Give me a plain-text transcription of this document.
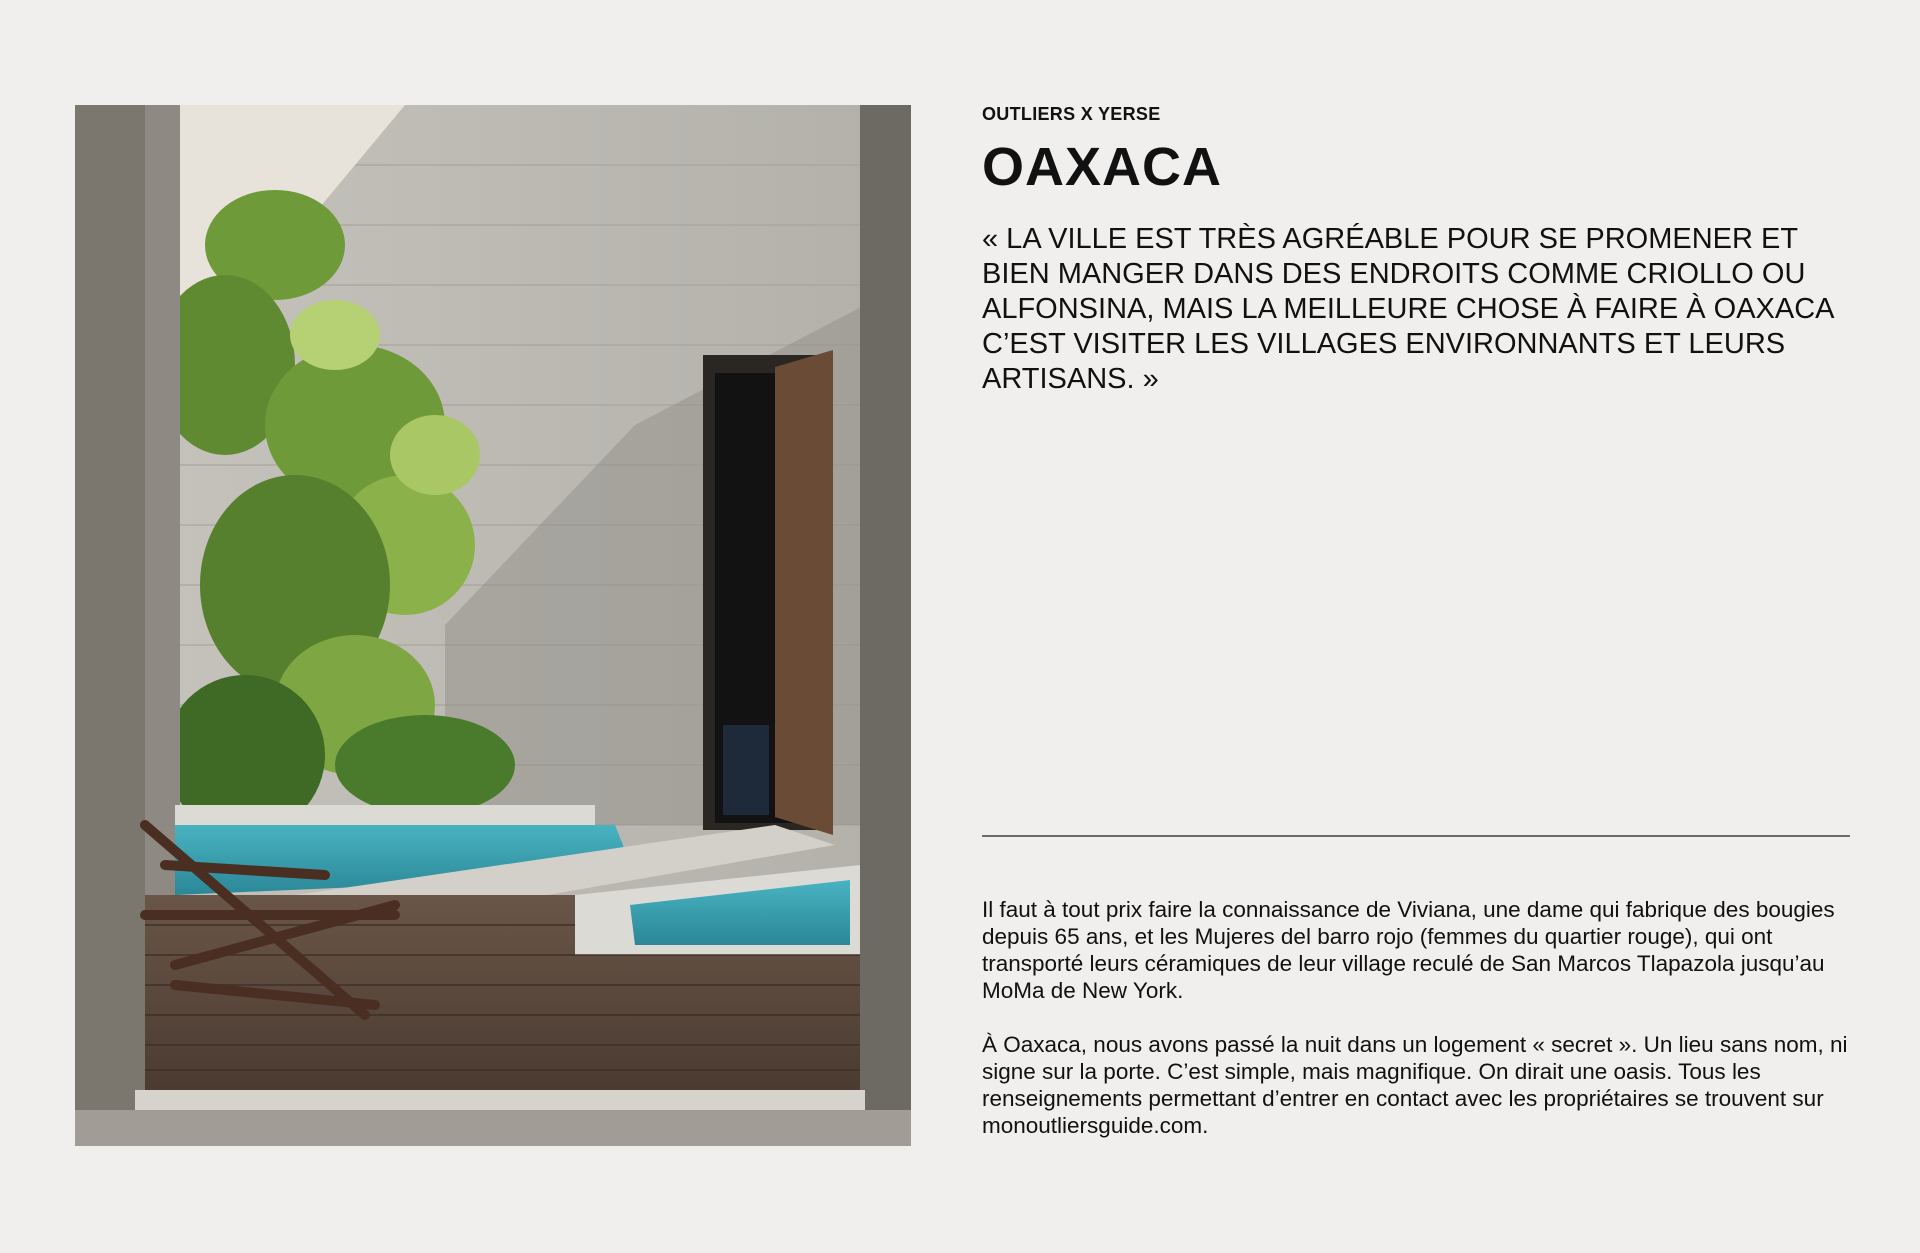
OUTLIERS X YERSE
OAXACA

« LA VILLE EST TRÈS AGRÉABLE POUR SE PROMENER ET BIEN MANGER DANS DES ENDROITS COMME CRIOLLO OU ALFONSINA, MAIS LA MEILLEURE CHOSE À FAIRE À OAXACA C’EST VISITER LES VILLAGES ENVIRONNANTS ET LEURS ARTISANS. »

Il faut à tout prix faire la connaissance de Viviana, une dame qui fabrique des bougies depuis 65 ans, et les Mujeres del barro rojo (femmes du quartier rouge), qui ont transporté leurs céramiques de leur village reculé de San Marcos Tlapazola jusqu’au MoMa de New York.

À Oaxaca, nous avons passé la nuit dans un logement « secret ». Un lieu sans nom, ni signe sur la porte. C’est simple, mais magnifique. On dirait une oasis. Tous les renseignements permettant d’entrer en contact avec les propriétaires se trouvent sur monoutliersguide.com.
